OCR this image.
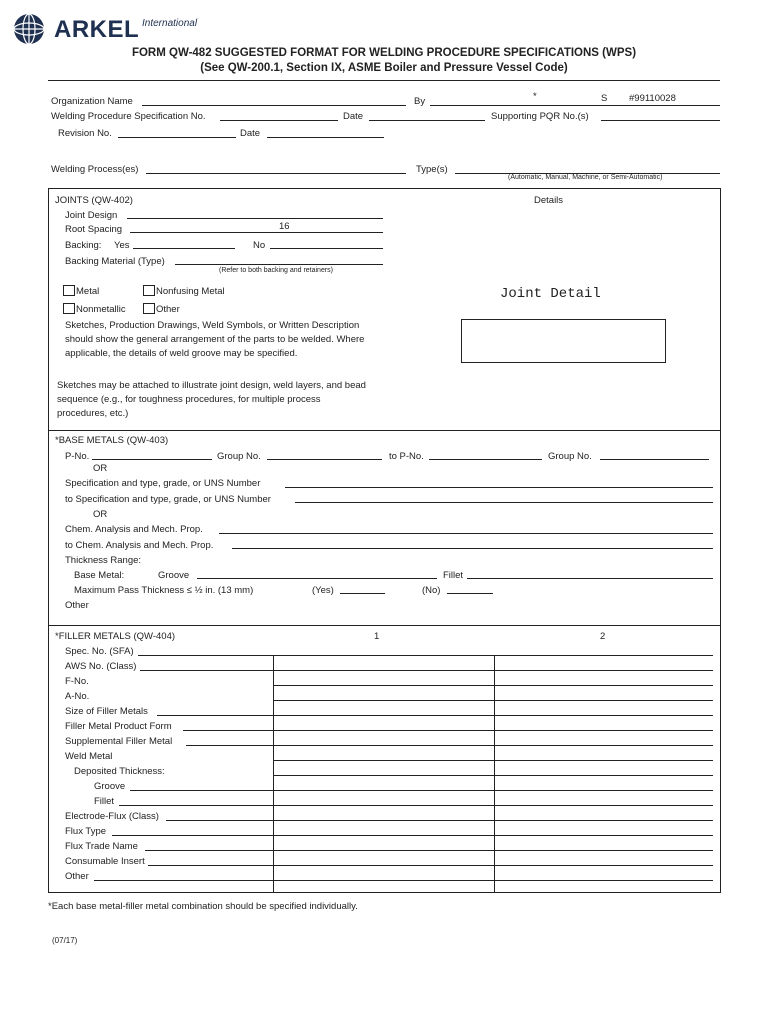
ARKEL International
FORM QW-482 SUGGESTED FORMAT FOR WELDING PROCEDURE SPECIFICATIONS (WPS)
(See QW-200.1, Section IX, ASME Boiler and Pressure Vessel Code)
Organization Name	By	*	S #99110028
Welding Procedure Specification No.	Date	Supporting PQR No.(s)
Revision No.	Date
Welding Process(es)	Type(s)
(Automatic, Manual, Machine, or Semi-Automatic)
JOINTS (QW-402)	Details
Joint Design
Root Spacing	16
Backing: Yes	No
Backing Material (Type)
(Refer to both backing and retainers)
Metal	Nonfusing Metal
Nonmetallic	Other
Sketches, Production Drawings, Weld Symbols, or Written Description
should show the general arrangement of the parts to be welded. Where
applicable, the details of weld groove may be specified.
Sketches may be attached to illustrate joint design, weld layers, and bead
sequence (e.g., for toughness procedures, for multiple process
procedures, etc.)
Joint Detail
*BASE METALS (QW-403)
P-No.	Group No.	to P-No.	Group No.
OR
Specification and type, grade, or UNS Number
to Specification and type, grade, or UNS Number
OR
Chem. Analysis and Mech. Prop.
to Chem. Analysis and Mech. Prop.
Thickness Range:
Base Metal:	Groove	Fillet
Maximum Pass Thickness ≤ ½ in. (13 mm)	(Yes)	(No)
Other
*FILLER METALS (QW-404)	1	2
Spec. No. (SFA)
AWS No. (Class)
F-No.
A-No.
Size of Filler Metals
Filler Metal Product Form
Supplemental Filler Metal
Weld Metal
Deposited Thickness:
Groove
Fillet
Electrode-Flux (Class)
Flux Type
Flux Trade Name
Consumable Insert
Other
*Each base metal-filler metal combination should be specified individually.
(07/17)
